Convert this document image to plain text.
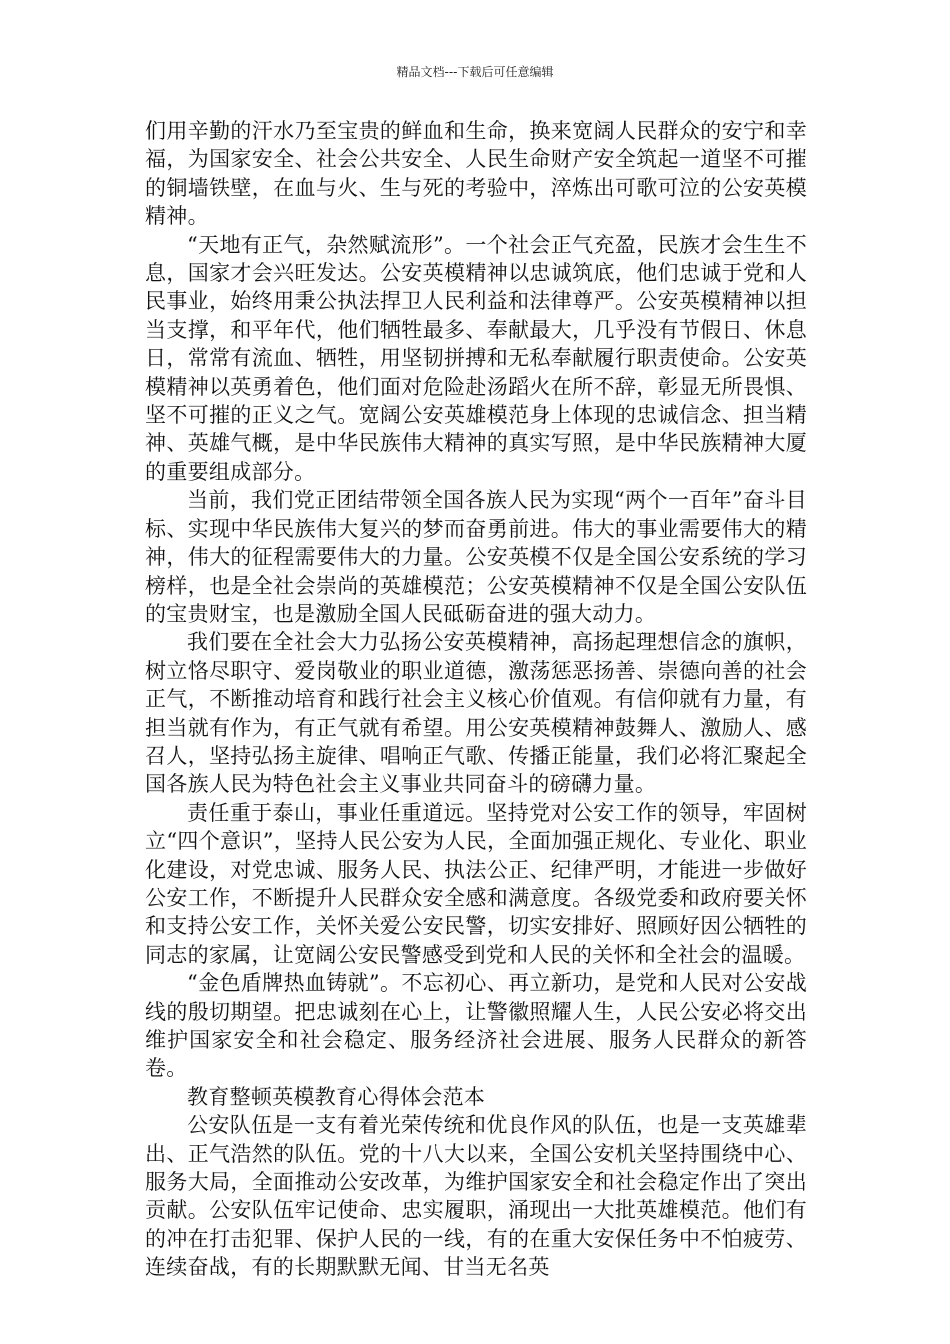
精品文档---下载后可任意编辑

们用辛勤的汗水乃至宝贵的鲜血和生命，换来宽阔人民群众的安宁和幸福，为国家安全、社会公共安全、人民生命财产安全筑起一道坚不可摧的铜墙铁壁，在血与火、生与死的考验中，淬炼出可歌可泣的公安英模精神。

“天地有正气，杂然赋流形”。一个社会正气充盈，民族才会生生不息，国家才会兴旺发达。公安英模精神以忠诚筑底，他们忠诚于党和人民事业，始终用秉公执法捍卫人民利益和法律尊严。公安英模精神以担当支撑，和平年代，他们牺牲最多、奉献最大，几乎没有节假日、休息日，常常有流血、牺牲，用坚韧拼搏和无私奉献履行职责使命。公安英模精神以英勇着色，他们面对危险赴汤蹈火在所不辞，彰显无所畏惧、坚不可摧的正义之气。宽阔公安英雄模范身上体现的忠诚信念、担当精神、英雄气概，是中华民族伟大精神的真实写照，是中华民族精神大厦的重要组成部分。

当前，我们党正团结带领全国各族人民为实现“两个一百年”奋斗目标、实现中华民族伟大复兴的梦而奋勇前进。伟大的事业需要伟大的精神，伟大的征程需要伟大的力量。公安英模不仅是全国公安系统的学习榜样，也是全社会崇尚的英雄模范；公安英模精神不仅是全国公安队伍的宝贵财宝，也是激励全国人民砥砺奋进的强大动力。

我们要在全社会大力弘扬公安英模精神，高扬起理想信念的旗帜，树立恪尽职守、爱岗敬业的职业道德，激荡惩恶扬善、崇德向善的社会正气，不断推动培育和践行社会主义核心价值观。有信仰就有力量，有担当就有作为，有正气就有希望。用公安英模精神鼓舞人、激励人、感召人，坚持弘扬主旋律、唱响正气歌、传播正能量，我们必将汇聚起全国各族人民为特色社会主义事业共同奋斗的磅礴力量。

责任重于泰山，事业任重道远。坚持党对公安工作的领导，牢固树立“四个意识”，坚持人民公安为人民，全面加强正规化、专业化、职业化建设，对党忠诚、服务人民、执法公正、纪律严明，才能进一步做好公安工作，不断提升人民群众安全感和满意度。各级党委和政府要关怀和支持公安工作，关怀关爱公安民警，切实安排好、照顾好因公牺牲的同志的家属，让宽阔公安民警感受到党和人民的关怀和全社会的温暖。

“金色盾牌热血铸就”。不忘初心、再立新功，是党和人民对公安战线的殷切期望。把忠诚刻在心上，让警徽照耀人生，人民公安必将交出维护国家安全和社会稳定、服务经济社会进展、服务人民群众的新答卷。

教育整顿英模教育心得体会范本

公安队伍是一支有着光荣传统和优良作风的队伍，也是一支英雄辈出、正气浩然的队伍。党的十八大以来，全国公安机关坚持围绕中心、服务大局，全面推动公安改革，为维护国家安全和社会稳定作出了突出贡献。公安队伍牢记使命、忠实履职，涌现出一大批英雄模范。他们有的冲在打击犯罪、保护人民的一线，有的在重大安保任务中不怕疲劳、连续奋战，有的长期默默无闻、甘当无名英
